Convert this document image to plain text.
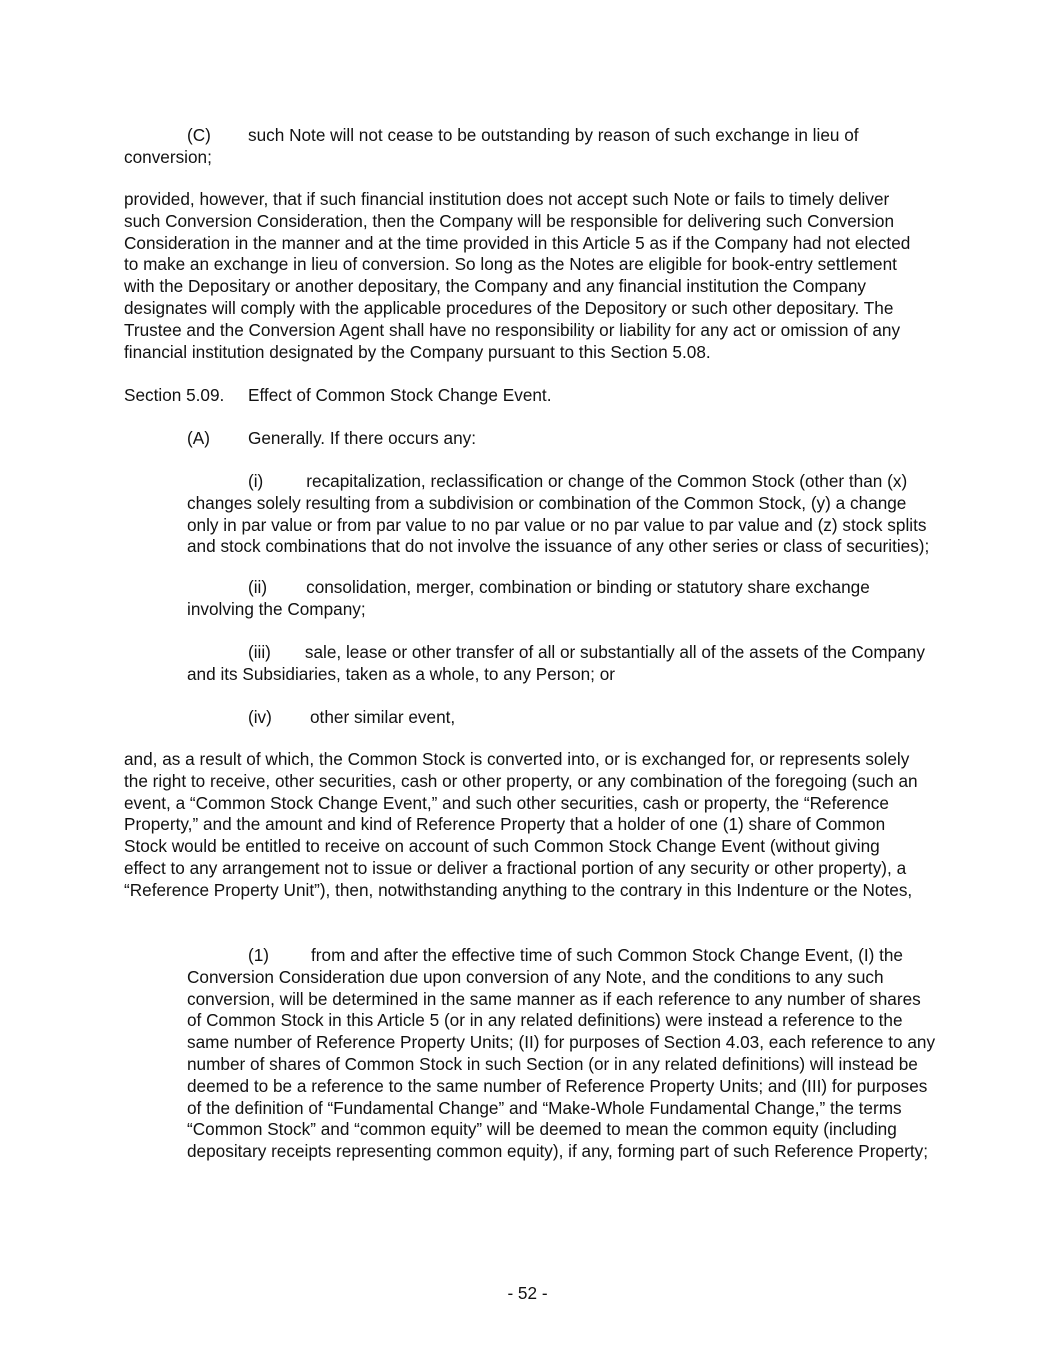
(C) such Note will not cease to be outstanding by reason of such exchange in lieu of
conversion;

provided, however, that if such financial institution does not accept such Note or fails to timely deliver such Conversion Consideration, then the Company will be responsible for delivering such Conversion Consideration in the manner and at the time provided in this Article 5 as if the Company had not elected to make an exchange in lieu of conversion. So long as the Notes are eligible for book-entry settlement with the Depositary or another depositary, the Company and any financial institution the Company designates will comply with the applicable procedures of the Depository or such other depositary. The Trustee and the Conversion Agent shall have no responsibility or liability for any act or omission of any financial institution designated by the Company pursuant to this Section 5.08.

Section 5.09. Effect of Common Stock Change Event.
(A) Generally. If there occurs any:

(i)	recapitalization, reclassification or change of the Common Stock (other than (x) changes solely resulting from a subdivision or combination of the Common Stock, (y) a change only in par value or from par value to no par value or no par value to par value and (z) stock splits and stock combinations that do not involve the issuance of any other series or class of securities);

(ii) consolidation, merger, combination or binding or statutory share exchange involving the Company;

(iii) sale, lease or other transfer of all or substantially all of the assets of the Company and its Subsidiaries, taken as a whole, to any Person; or

(iv) other similar event,

and, as a result of which, the Common Stock is converted into, or is exchanged for, or represents solely the right to receive, other securities, cash or other property, or any combination of the foregoing (such an event, a “Common Stock Change Event,” and such other securities, cash or property, the “Reference Property,” and the amount and kind of Reference Property that a holder of one (1) share of Common Stock would be entitled to receive on account of such Common Stock Change Event (without giving effect to any arrangement not to issue or deliver a fractional portion of any security or other property), a “Reference Property Unit”), then, notwithstanding anything to the contrary in this Indenture or the Notes,

(1) from and after the effective time of such Common Stock Change Event, (I) the Conversion Consideration due upon conversion of any Note, and the conditions to any such conversion, will be determined in the same manner as if each reference to any number of shares of Common Stock in this Article 5 (or in any related definitions) were instead a reference to the same number of Reference Property Units; (II) for purposes of Section 4.03, each reference to any number of shares of Common Stock in such Section (or in any related definitions) will instead be deemed to be a reference to the same number of Reference Property Units; and (III) for purposes of the definition of “Fundamental Change” and “Make-Whole Fundamental Change,” the terms “Common Stock” and “common equity” will be deemed to mean the common equity (including depositary receipts representing common equity), if any, forming part of such Reference Property;

- 52 -
